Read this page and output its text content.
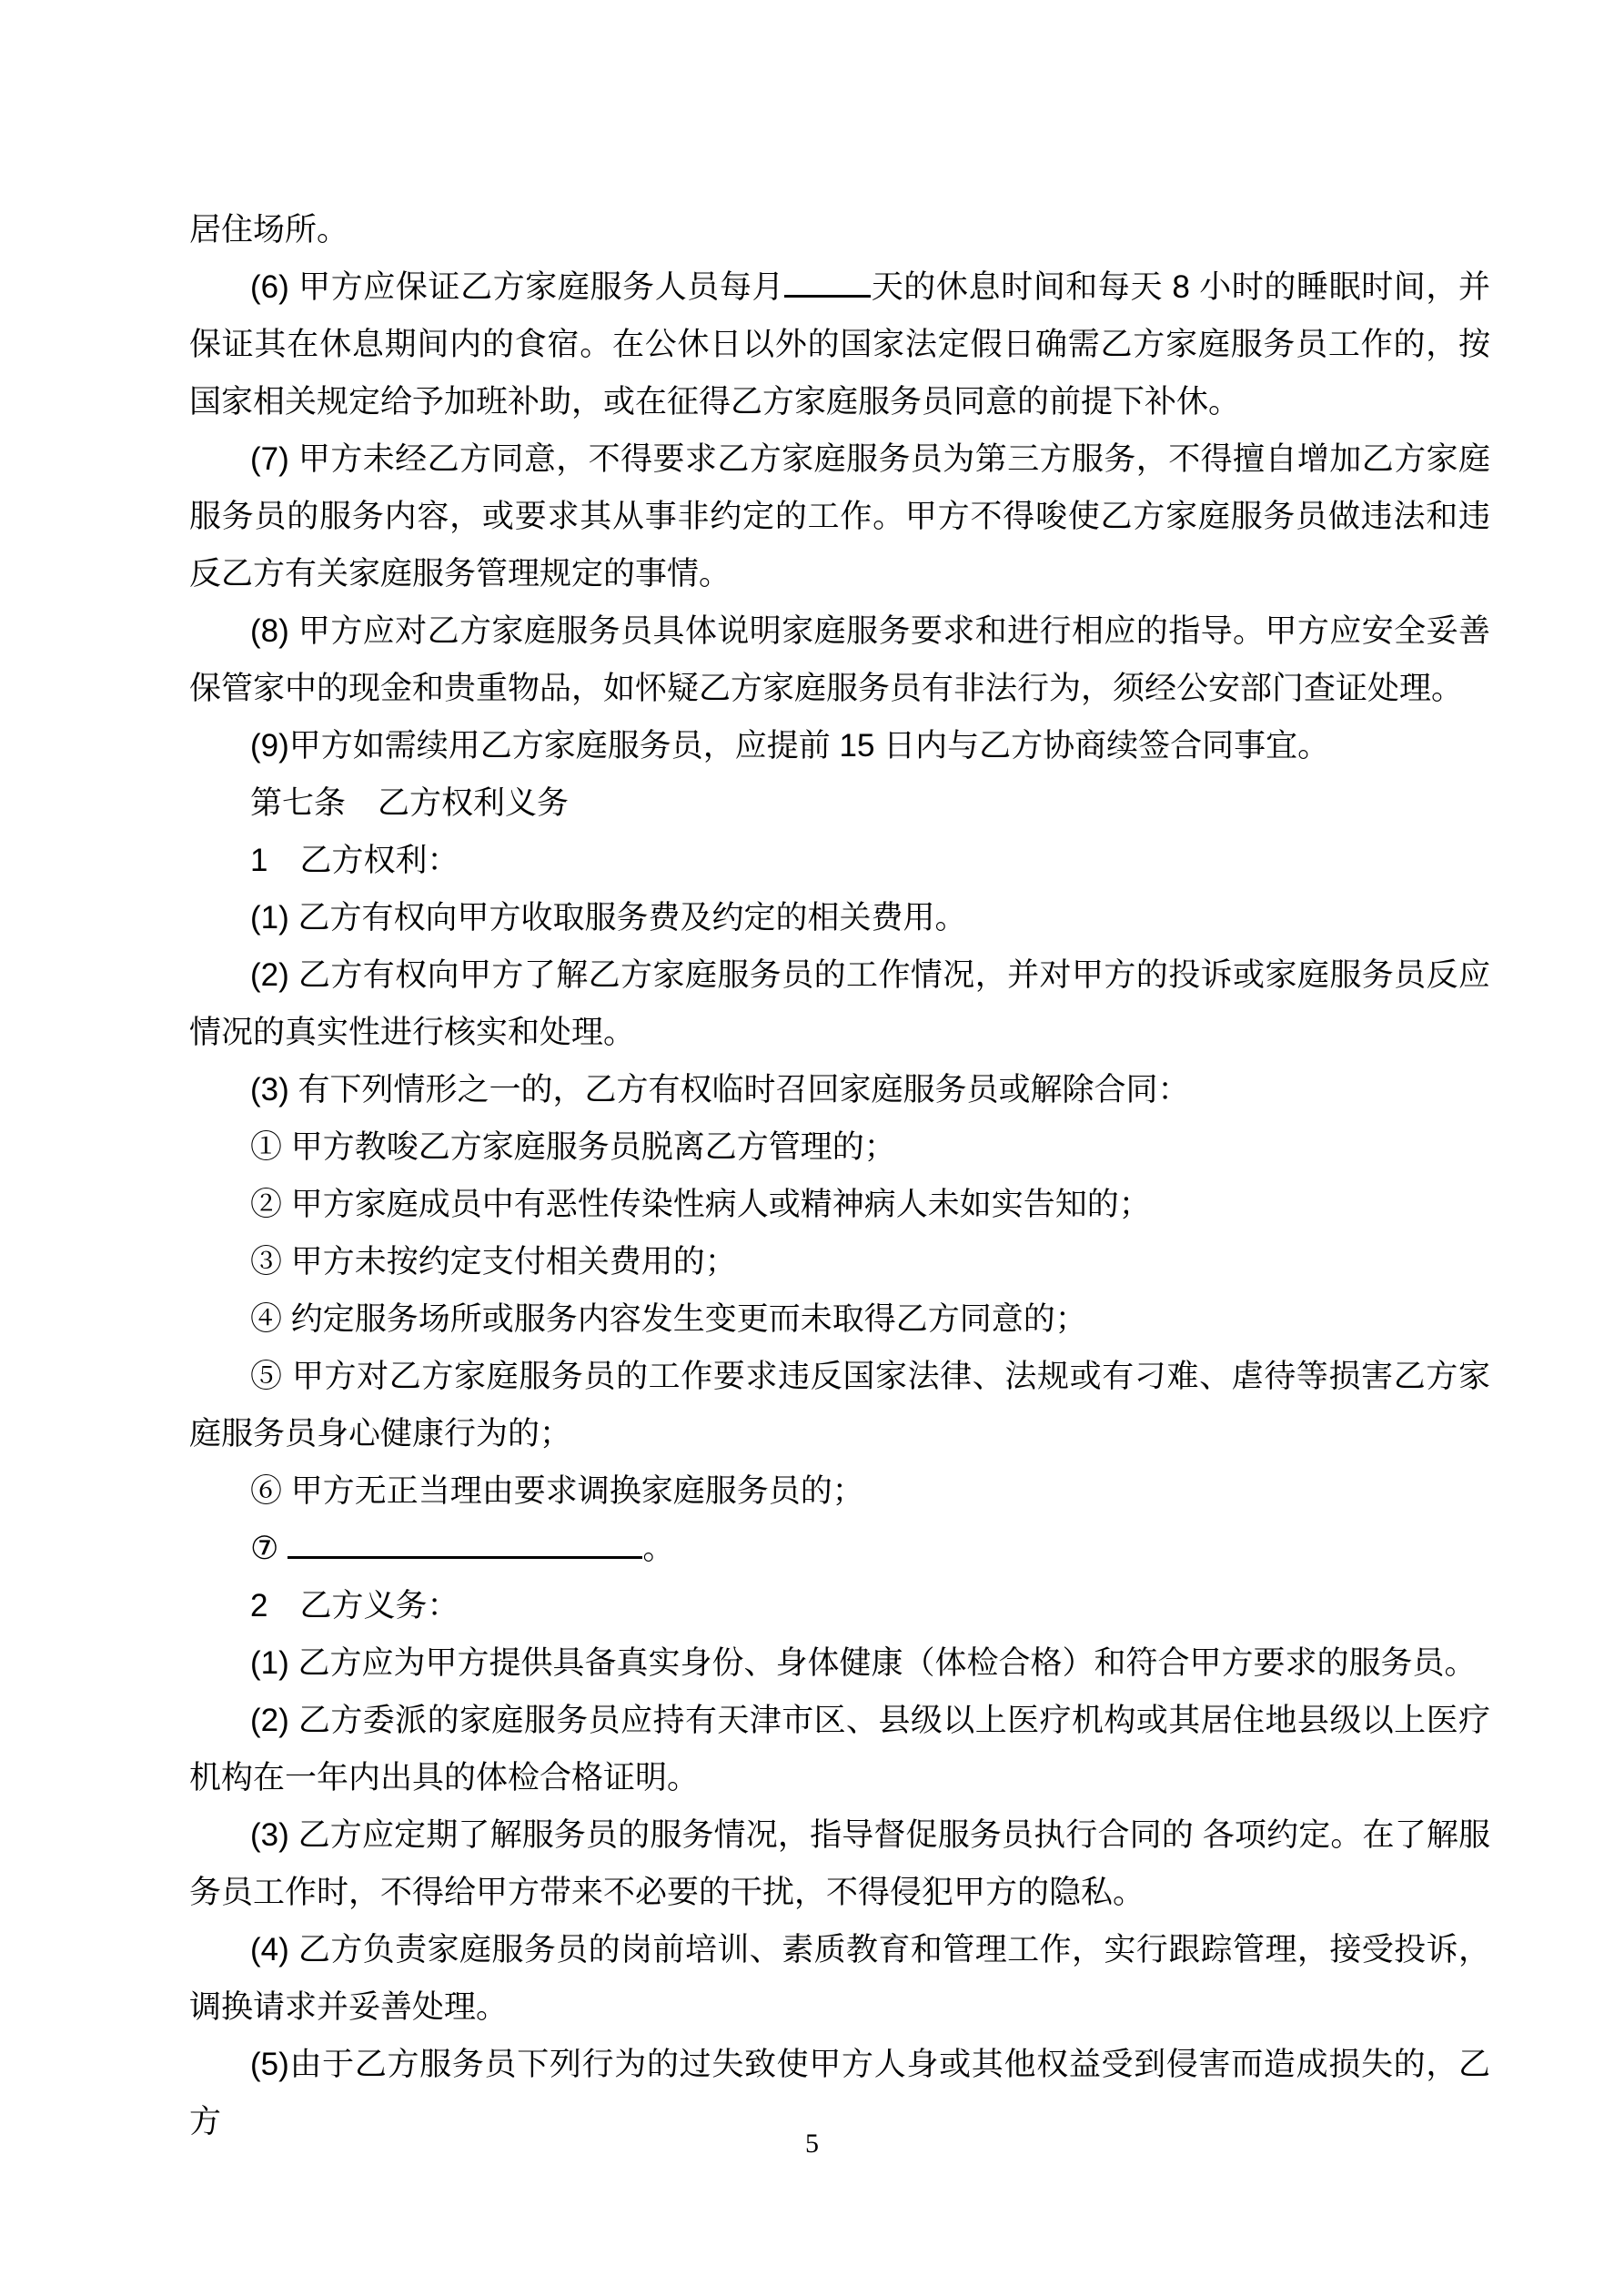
居住场所。

(6) 甲方应保证乙方家庭服务人员每月	天的休息时间和每天 8 小时的睡眠时间，并保证其在休息期间内的食宿。在公休日以外的国家法定假日确需乙方家庭服务员工作的，按国家相关规定给予加班补助，或在征得乙方家庭服务员同意的前提下补休。

(7) 甲方未经乙方同意，不得要求乙方家庭服务员为第三方服务，不得擅自增加乙方家庭服务员的服务内容，或要求其从事非约定的工作。甲方不得唆使乙方家庭服务员做违法和违反乙方有关家庭服务管理规定的事情。

(8) 甲方应对乙方家庭服务员具体说明家庭服务要求和进行相应的指导。甲方应安全妥善保管家中的现金和贵重物品，如怀疑乙方家庭服务员有非法行为，须经公安部门查证处理。

(9)甲方如需续用乙方家庭服务员，应提前 15 日内与乙方协商续签合同事宜。

第七条　乙方权利义务

1　乙方权利：

(1) 乙方有权向甲方收取服务费及约定的相关费用。

(2) 乙方有权向甲方了解乙方家庭服务员的工作情况，并对甲方的投诉或家庭服务员反应情况的真实性进行核实和处理。

(3) 有下列情形之一的，乙方有权临时召回家庭服务员或解除合同：

① 甲方教唆乙方家庭服务员脱离乙方管理的；

② 甲方家庭成员中有恶性传染性病人或精神病人未如实告知的；

③ 甲方未按约定支付相关费用的；

④ 约定服务场所或服务内容发生变更而未取得乙方同意的；

⑤ 甲方对乙方家庭服务员的工作要求违反国家法律、法规或有刁难、虐待等损害乙方家庭服务员身心健康行为的；

⑥ 甲方无正当理由要求调换家庭服务员的；

⑦	。

2　乙方义务：

(1) 乙方应为甲方提供具备真实身份、身体健康（体检合格）和符合甲方要求的服务员。

(2) 乙方委派的家庭服务员应持有天津市区、县级以上医疗机构或其居住地县级以上医疗机构在一年内出具的体检合格证明。

(3) 乙方应定期了解服务员的服务情况，指导督促服务员执行合同的 各项约定。在了解服务员工作时，不得给甲方带来不必要的干扰，不得侵犯甲方的隐私。

(4) 乙方负责家庭服务员的岗前培训、素质教育和管理工作，实行跟踪管理，接受投诉，调换请求并妥善处理。

(5)由于乙方服务员下列行为的过失致使甲方人身或其他权益受到侵害而造成损失的，乙方

5
